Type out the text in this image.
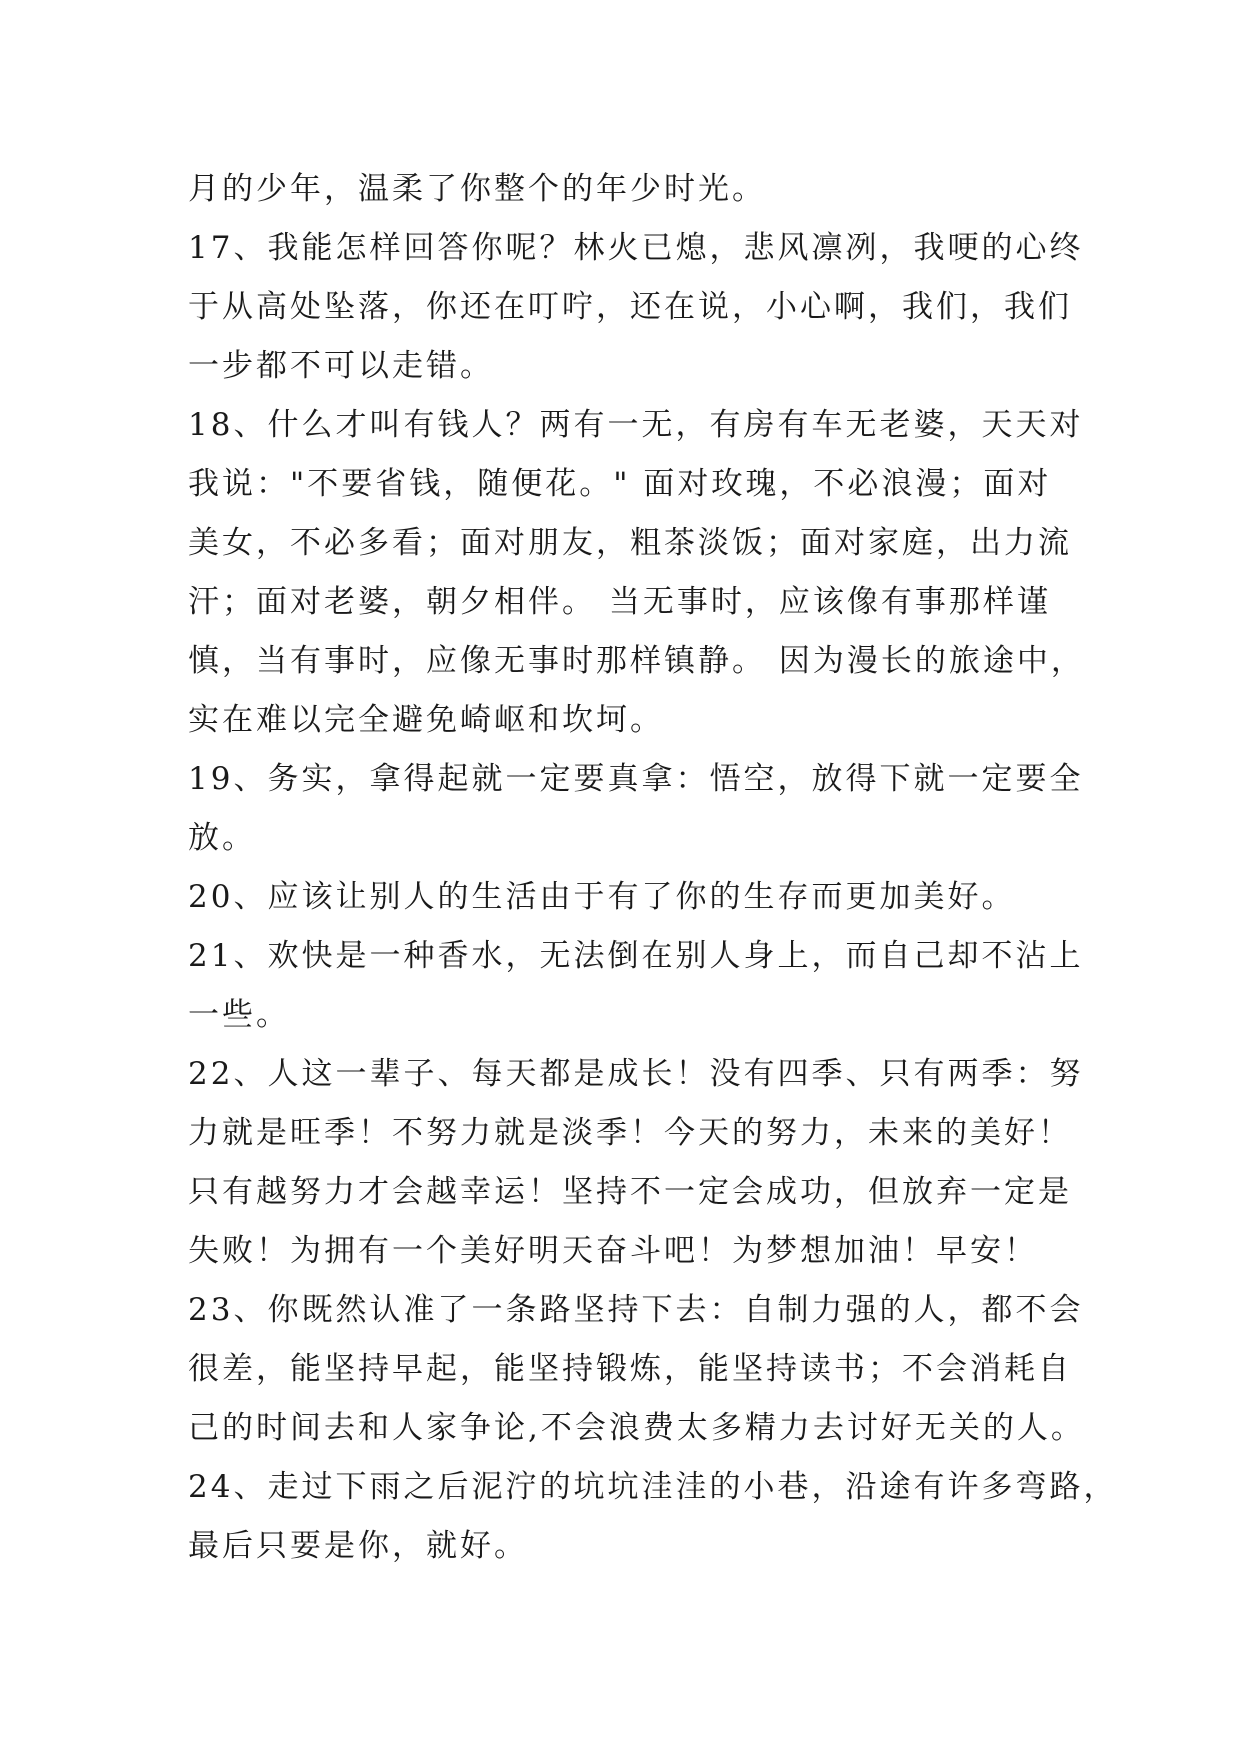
月的少年，温柔了你整个的年少时光。
17、我能怎样回答你呢？林火已熄，悲风凛冽，我哽的心终
于从高处坠落，你还在叮咛，还在说，小心啊，我们，我们
一步都不可以走错。
18、什么才叫有钱人？两有一无，有房有车无老婆，天天对
我说："不要省钱，随便花。" 面对玫瑰，不必浪漫；面对
美女，不必多看；面对朋友，粗茶淡饭；面对家庭，出力流
汗；面对老婆，朝夕相伴。 当无事时，应该像有事那样谨
慎，当有事时，应像无事时那样镇静。 因为漫长的旅途中，
实在难以完全避免崎岖和坎坷。
19、务实，拿得起就一定要真拿：悟空，放得下就一定要全
放。
20、应该让别人的生活由于有了你的生存而更加美好。
21、欢快是一种香水，无法倒在别人身上，而自己却不沾上
一些。
22、人这一辈子、每天都是成长！没有四季、只有两季：努
力就是旺季！不努力就是淡季！今天的努力，未来的美好！
只有越努力才会越幸运！坚持不一定会成功，但放弃一定是
失败！为拥有一个美好明天奋斗吧！为梦想加油！早安！
23、你既然认准了一条路坚持下去：自制力强的人，都不会
很差，能坚持早起，能坚持锻炼，能坚持读书；不会消耗自
己的时间去和人家争论,不会浪费太多精力去讨好无关的人。
24、走过下雨之后泥泞的坑坑洼洼的小巷，沿途有许多弯路，
最后只要是你，就好。
